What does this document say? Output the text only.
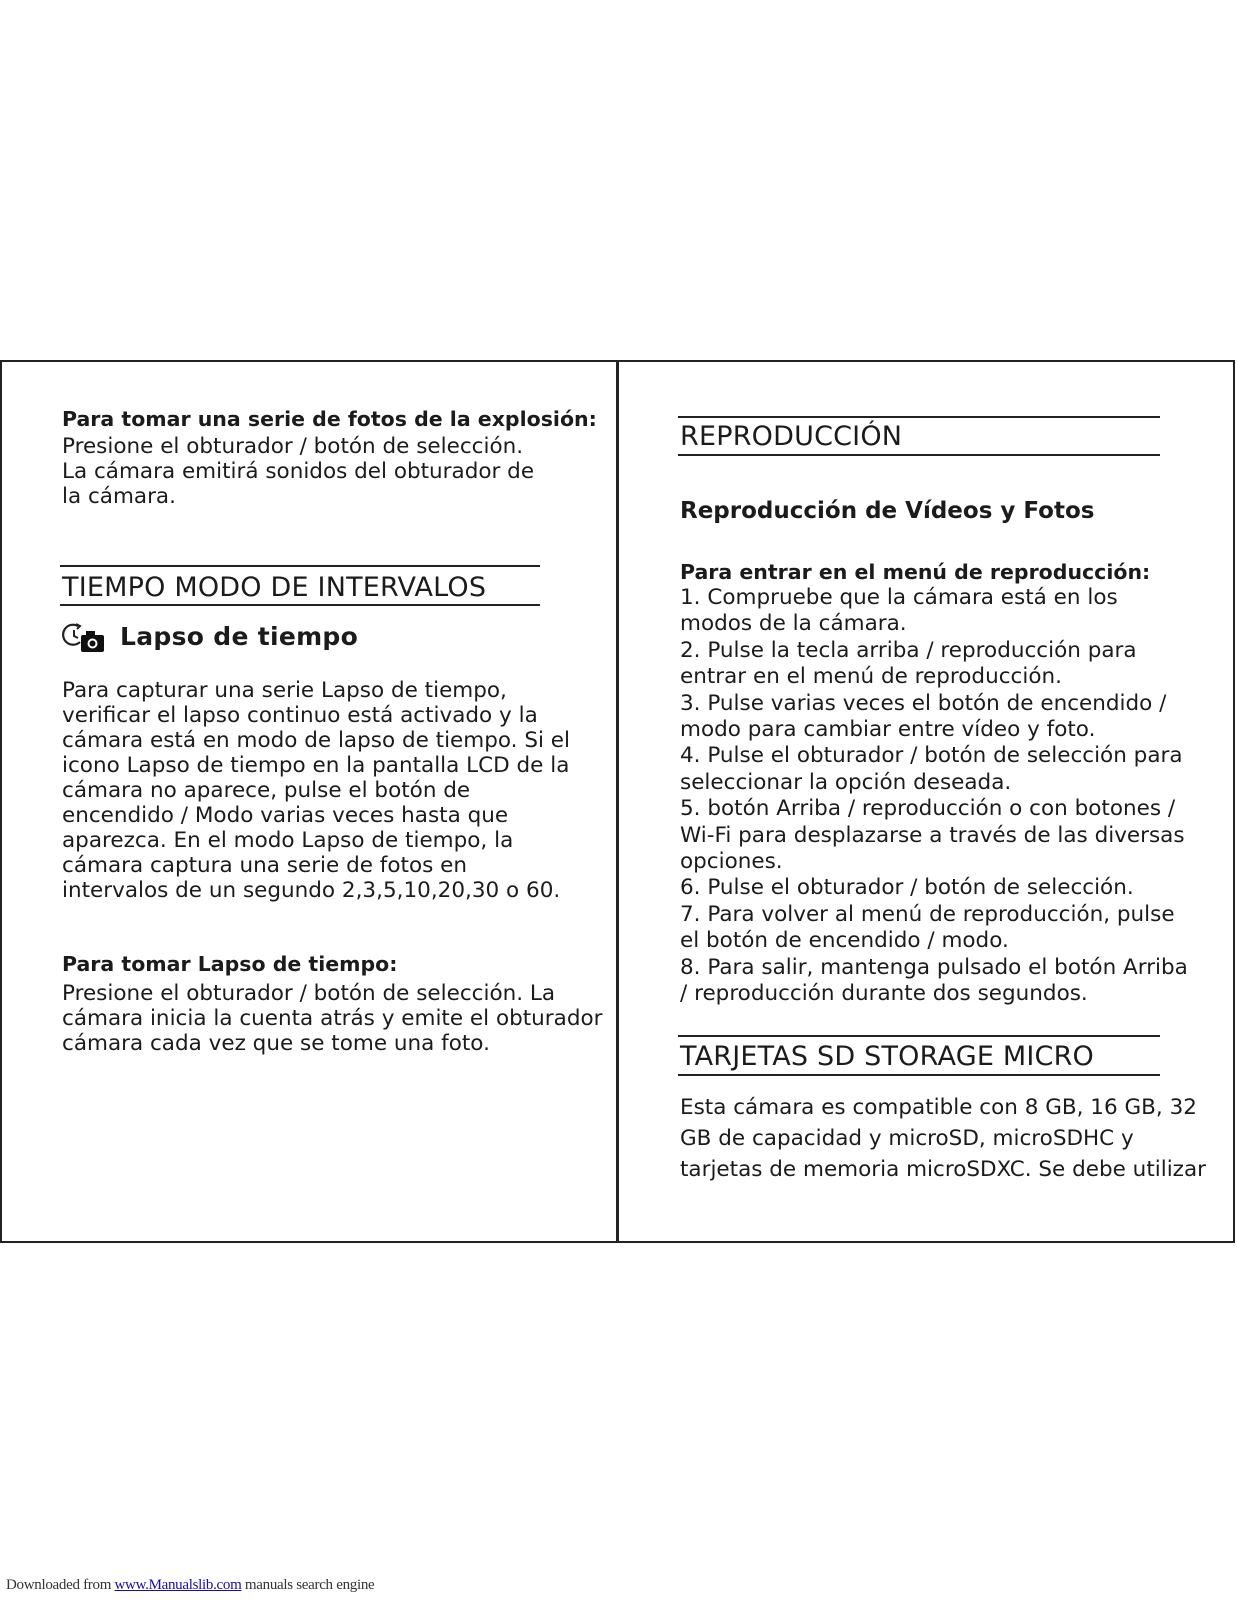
Para tomar una serie de fotos de la explosión:

Presione el obturador / botón de selección.
La cámara emitirá sonidos del obturador de
la cámara.

TIEMPO MODO DE INTERVALOS

Lapso de tiempo

Para capturar una serie Lapso de tiempo,
verificar el lapso continuo está activado y la
cámara está en modo de lapso de tiempo. Si el
icono Lapso de tiempo en la pantalla LCD de la
cámara no aparece, pulse el botón de
encendido / Modo varias veces hasta que
aparezca. En el modo Lapso de tiempo, la
cámara captura una serie de fotos en
intervalos de un segundo 2,3,5,10,20,30 o 60.

Para tomar Lapso de tiempo:

Presione el obturador / botón de selección. La
cámara inicia la cuenta atrás y emite el obturador
cámara cada vez que se tome una foto.

REPRODUCCIÓN

Reproducción de Vídeos y Fotos

Para entrar en el menú de reproducción:

1. Compruebe que la cámara está en los

modos de la cámara.

2. Pulse la tecla arriba / reproducción para

entrar en el menú de reproducción.

3. Pulse varias veces el botón de encendido /

modo para cambiar entre vídeo y foto.

4. Pulse el obturador / botón de selección para

seleccionar la opción deseada.

5. botón Arriba / reproducción o con botones /

Wi-Fi para desplazarse a través de las diversas

opciones.

6. Pulse el obturador / botón de selección.

7. Para volver al menú de reproducción, pulse

el botón de encendido / modo.

8. Para salir, mantenga pulsado el botón Arriba

/ reproducción durante dos segundos.

TARJETAS SD STORAGE MICRO

Esta cámara es compatible con 8 GB, 16 GB, 32
GB de capacidad y microSD, microSDHC y
tarjetas de memoria microSDXC. Se debe utilizar
Downloaded from www.Manualslib.com manuals search engine
